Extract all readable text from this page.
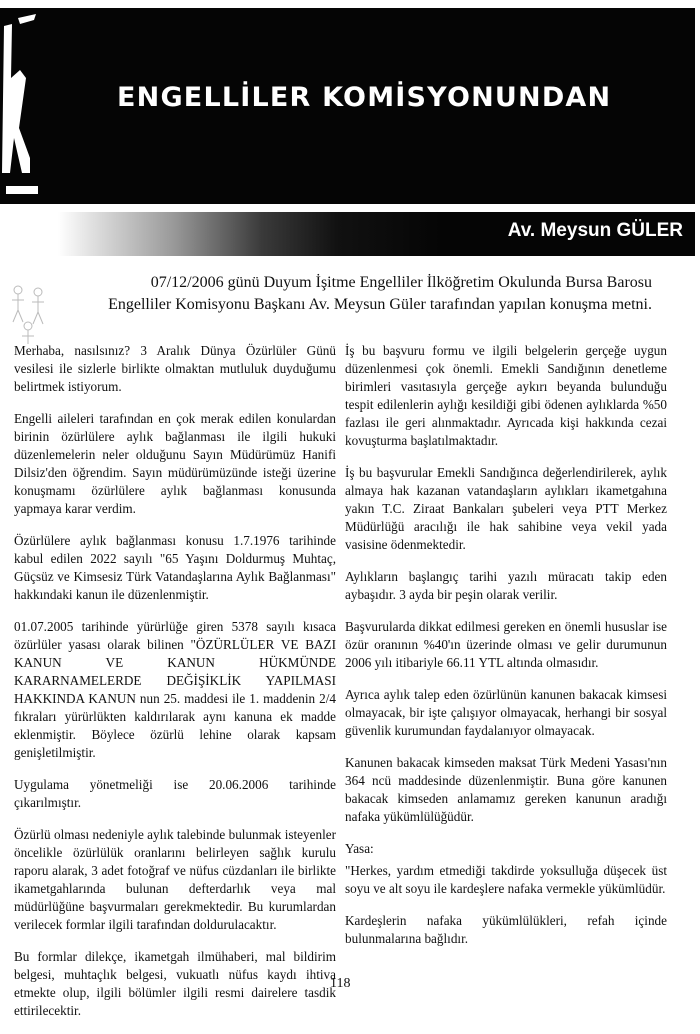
ENGELLİLER KOMİSYONUNDAN
Av. Meysun GÜLER
07/12/2006 günü Duyum İşitme Engelliler İlköğretim Okulunda Bursa Barosu
Engelliler Komisyonu Başkanı Av. Meysun Güler tarafından yapılan konuşma metni.

Merhaba, nasılsınız? 3 Aralık Dünya Özürlüler Günü vesilesi ile sizlerle birlikte olmaktan mutluluk duyduğumu belirtmek istiyorum.

Engelli aileleri tarafından en çok merak edilen konulardan birinin özürlülere aylık bağlanması ile ilgili hukuki düzenlemelerin neler olduğunu Sayın Müdürümüz Hanifi Dilsiz'den öğrendim. Sayın müdürümüzünde isteği üzerine konuşmamı özürlülere aylık bağlanması konusunda yapmaya karar verdim.

Özürlülere aylık bağlanması konusu 1.7.1976 tarihinde kabul edilen 2022 sayılı "65 Yaşını Doldurmuş Muhtaç, Güçsüz ve Kimsesiz Türk Vatandaşlarına Aylık Bağlanması" hakkındaki kanun ile düzenlenmiştir.

01.07.2005 tarihinde yürürlüğe giren 5378 sayılı kısaca özürlüler yasası olarak bilinen "ÖZÜRLÜLER VE BAZI KANUN VE KANUN HÜKMÜNDE KARARNAMELERDE DEĞİŞİKLİK YAPILMASI HAKKINDA KANUN nun 25. maddesi ile 1. maddenin 2/4 fıkraları yürürlükten kaldırılarak aynı kanuna ek madde eklenmiştir. Böylece özürlü lehine olarak kapsam genişletilmiştir.

Uygulama yönetmeliği ise 20.06.2006 tarihinde çıkarılmıştır.

Özürlü olması nedeniyle aylık talebinde bulunmak isteyenler öncelikle özürlülük oranlarını belirleyen sağlık kurulu raporu alarak, 3 adet fotoğraf ve nüfus cüzdanları ile birlikte ikametgahlarında bulunan defterdarlık veya mal müdürlüğüne başvurmaları gerekmektedir. Bu kurumlardan verilecek formlar ilgili tarafından doldurulacaktır.

Bu formlar dilekçe, ikametgah ilmühaberi, mal bildirim belgesi, muhtaçlık belgesi, vukuatlı nüfus kaydı ihtiva etmekte olup, ilgili bölümler ilgili resmi dairelere tasdik ettirilecektir.

İş bu başvuru formu ve ilgili belgelerin gerçeğe uygun düzenlenmesi çok önemli. Emekli Sandığının denetleme birimleri vasıtasıyla gerçeğe aykırı beyanda bulunduğu tespit edilenlerin aylığı kesildiği gibi ödenen aylıklarda %50 fazlası ile geri alınmaktadır. Ayrıcada kişi hakkında cezai kovuşturma başlatılmaktadır.

İş bu başvurular Emekli Sandığınca değerlendirilerek, aylık almaya hak kazanan vatandaşların aylıkları ikametgahına yakın T.C. Ziraat Bankaları şubeleri veya PTT Merkez Müdürlüğü aracılığı ile hak sahibine veya vekil yada vasisine ödenmektedir.

Aylıkların başlangıç tarihi yazılı müracatı takip eden aybaşıdır. 3 ayda bir peşin olarak verilir.

Başvurularda dikkat edilmesi gereken en önemli hususlar ise özür oranının %40'ın üzerinde olması ve gelir durumunun 2006 yılı itibariyle 66.11 YTL altında olmasıdır.

Ayrıca aylık talep eden özürlünün kanunen bakacak kimsesi olmayacak, bir işte çalışıyor olmayacak, herhangi bir sosyal güvenlik kurumundan faydalanıyor olmayacak.

Kanunen bakacak kimseden maksat Türk Medeni Yasası'nın 364 ncü maddesinde düzenlenmiştir. Buna göre kanunen bakacak kimseden anlamamız gereken kanunun aradığı nafaka yükümlülüğüdür.

Yasa:

"Herkes, yardım etmediği takdirde yoksulluğa düşecek üst soyu ve alt soyu ile kardeşlere nafaka vermekle yükümlüdür.

Kardeşlerin nafaka yükümlülükleri, refah içinde bulunmalarına bağlıdır.

118
